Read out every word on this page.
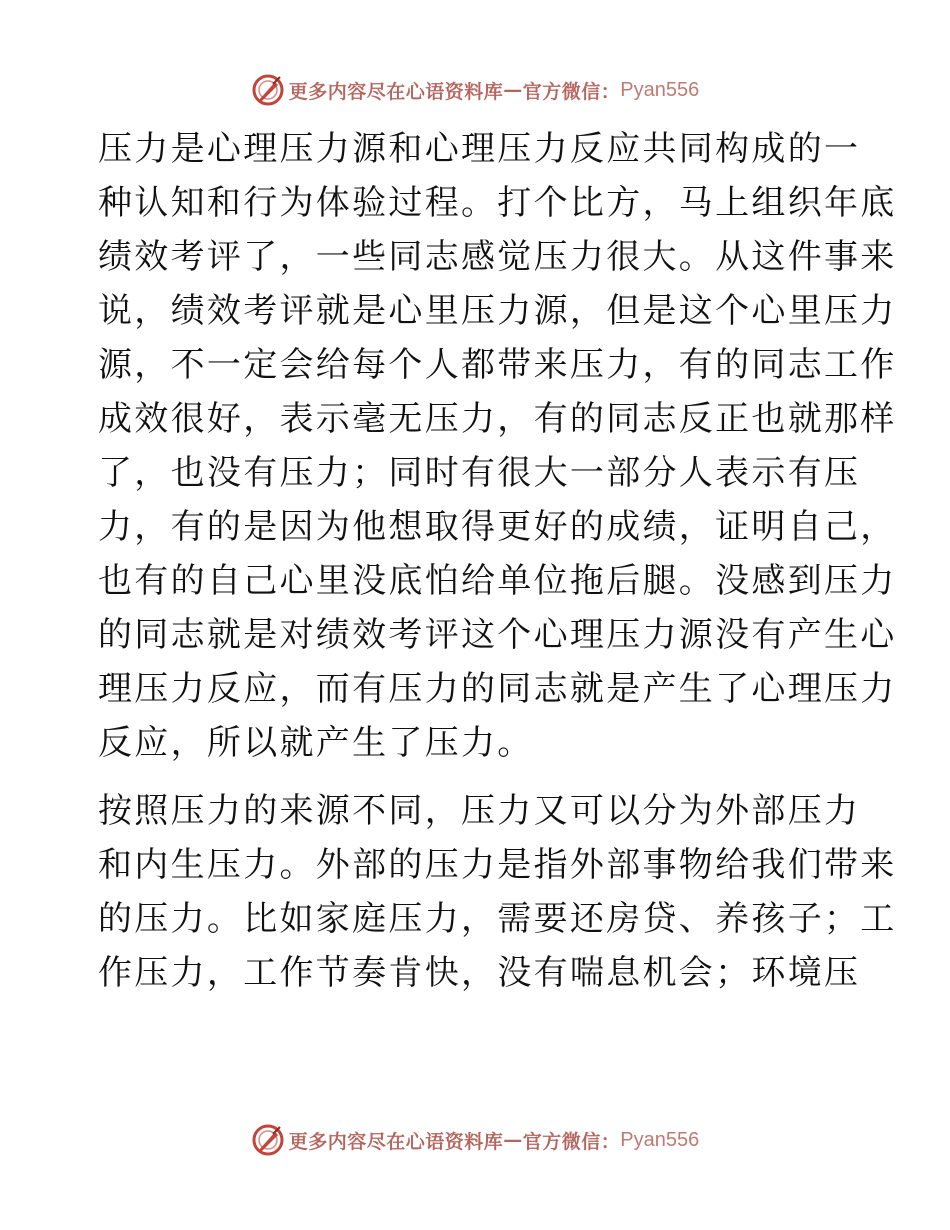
更多内容尽在心语资料库 — 官方微信： Pyan556
压力是心理压力源和心理压力反应共同构成的一
种认知和行为体验过程。打个比方，马上组织年底
绩效考评了，一些同志感觉压力很大。从这件事来
说，绩效考评就是心里压力源，但是这个心里压力
源，不一定会给每个人都带来压力，有的同志工作
成效很好，表示毫无压力，有的同志反正也就那样
了，也没有压力；同时有很大一部分人表示有压
力，有的是因为他想取得更好的成绩，证明自己，
也有的自己心里没底怕给单位拖后腿。没感到压力
的同志就是对绩效考评这个心理压力源没有产生心
理压力反应，而有压力的同志就是产生了心理压力
反应，所以就产生了压力。
按照压力的来源不同，压力又可以分为外部压力
和内生压力。外部的压力是指外部事物给我们带来
的压力。比如家庭压力，需要还房贷、养孩子；工
作压力，工作节奏肯快，没有喘息机会；环境压
更多内容尽在心语资料库 — 官方微信： Pyan556
